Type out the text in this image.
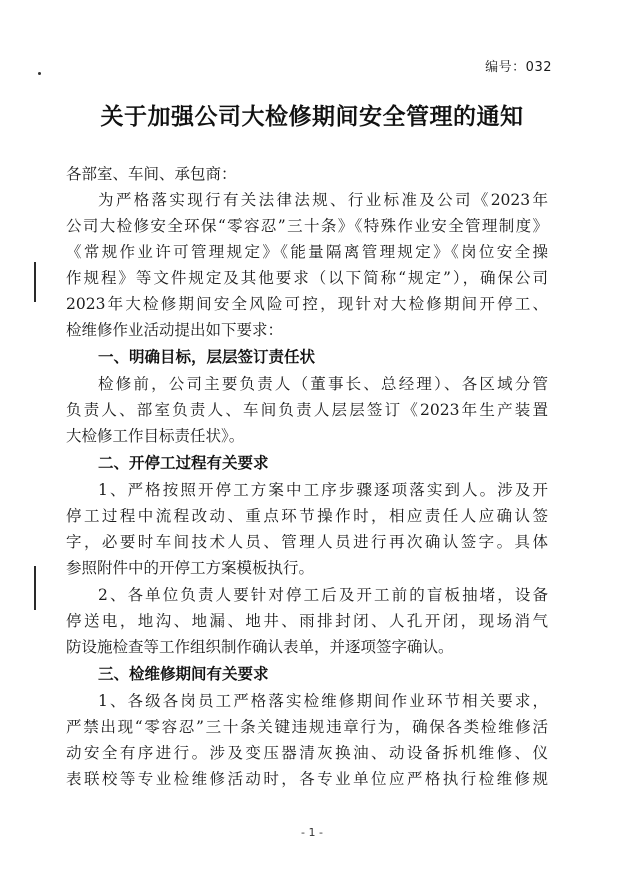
编号：032
关于加强公司大检修期间安全管理的通知
各部室、车间、承包商：
为严格落实现行有关法律法规、行业标准及公司《2023年
公司大检修安全环保“零容忍”三十条》《特殊作业安全管理制度》
《常规作业许可管理规定》《能量隔离管理规定》《岗位安全操
作规程》等文件规定及其他要求（以下简称“规定”），确保公司
2023年大检修期间安全风险可控，现针对大检修期间开停工、
检维修作业活动提出如下要求：
一、明确目标，层层签订责任状
检修前，公司主要负责人（董事长、总经理）、各区域分管
负责人、部室负责人、车间负责人层层签订《2023年生产装置
大检修工作目标责任状》。
二、开停工过程有关要求
1、严格按照开停工方案中工序步骤逐项落实到人。涉及开
停工过程中流程改动、重点环节操作时，相应责任人应确认签
字，必要时车间技术人员、管理人员进行再次确认签字。具体
参照附件中的开停工方案模板执行。
2、各单位负责人要针对停工后及开工前的盲板抽堵，设备
停送电，地沟、地漏、地井、雨排封闭、人孔开闭，现场消气
防设施检查等工作组织制作确认表单，并逐项签字确认。
三、检维修期间有关要求
1、各级各岗员工严格落实检维修期间作业环节相关要求，
严禁出现“零容忍”三十条关键违规违章行为，确保各类检维修活
动安全有序进行。涉及变压器清灰换油、动设备拆机维修、仪
表联校等专业检维修活动时，各专业单位应严格执行检维修规
- 1 -
